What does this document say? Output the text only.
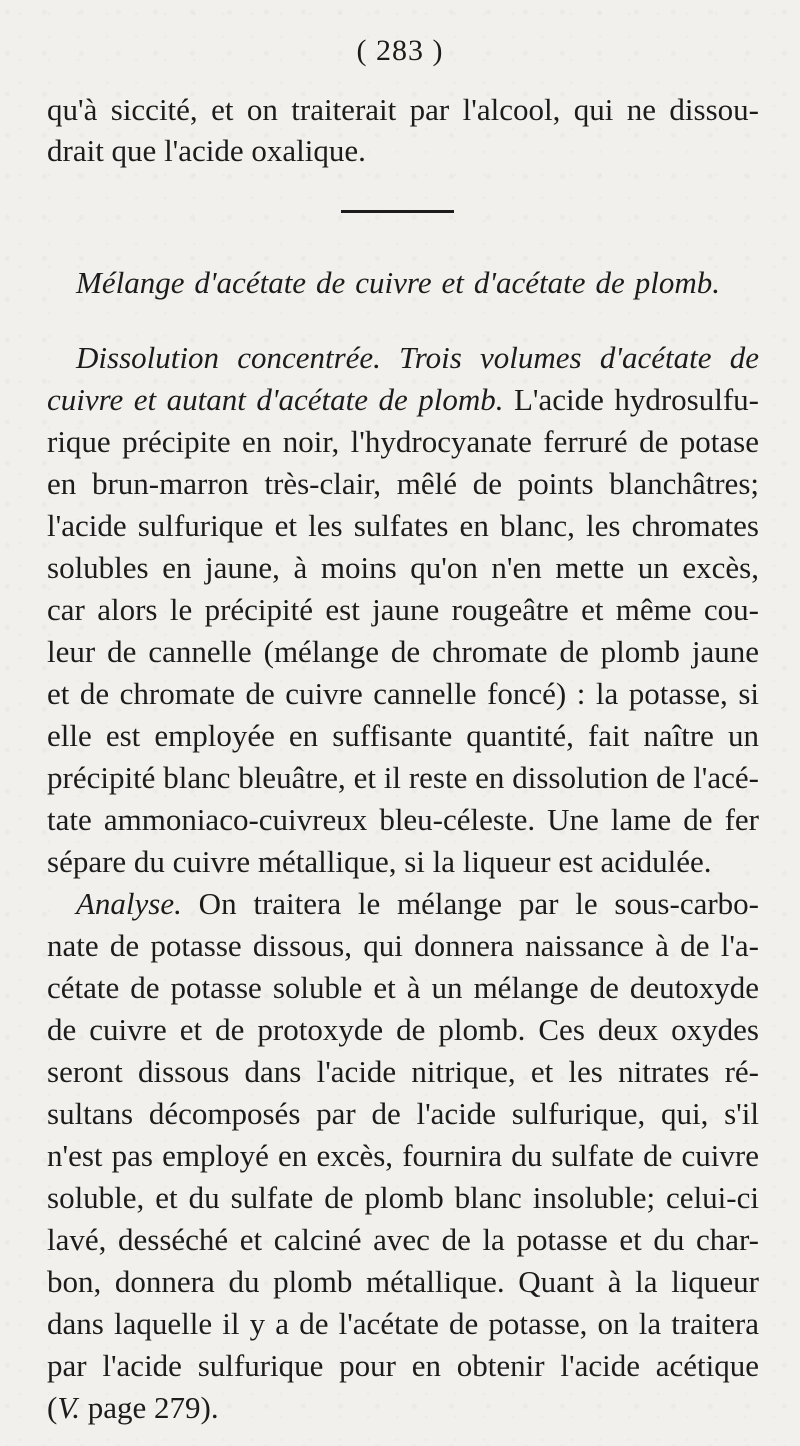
( 283 )
qu'à siccité, et on traiterait par l'alcool, qui ne dissou-
drait que l'acide oxalique.
Mélange d'acétate de cuivre et d'acétate de plomb.
Dissolution concentrée. Trois volumes d'acétate de
cuivre et autant d'acétate de plomb. L'acide hydrosulfu-
rique précipite en noir, l'hydrocyanate ferruré de potase
en brun-marron très-clair, mêlé de points blanchâtres;
l'acide sulfurique et les sulfates en blanc, les chromates
solubles en jaune, à moins qu'on n'en mette un excès,
car alors le précipité est jaune rougeâtre et même cou-
leur de cannelle (mélange de chromate de plomb jaune
et de chromate de cuivre cannelle foncé) : la potasse, si
elle est employée en suffisante quantité, fait naître un
précipité blanc bleuâtre, et il reste en dissolution de l'acé-
tate ammoniaco-cuivreux bleu-céleste. Une lame de fer
sépare du cuivre métallique, si la liqueur est acidulée.
Analyse. On traitera le mélange par le sous-carbo-
nate de potasse dissous, qui donnera naissance à de l'a-
cétate de potasse soluble et à un mélange de deutoxyde
de cuivre et de protoxyde de plomb. Ces deux oxydes
seront dissous dans l'acide nitrique, et les nitrates ré-
sultans décomposés par de l'acide sulfurique, qui, s'il
n'est pas employé en excès, fournira du sulfate de cuivre
soluble, et du sulfate de plomb blanc insoluble; celui-ci
lavé, desséché et calciné avec de la potasse et du char-
bon, donnera du plomb métallique. Quant à la liqueur
dans laquelle il y a de l'acétate de potasse, on la traitera
par l'acide sulfurique pour en obtenir l'acide acétique
(V. page 279).
